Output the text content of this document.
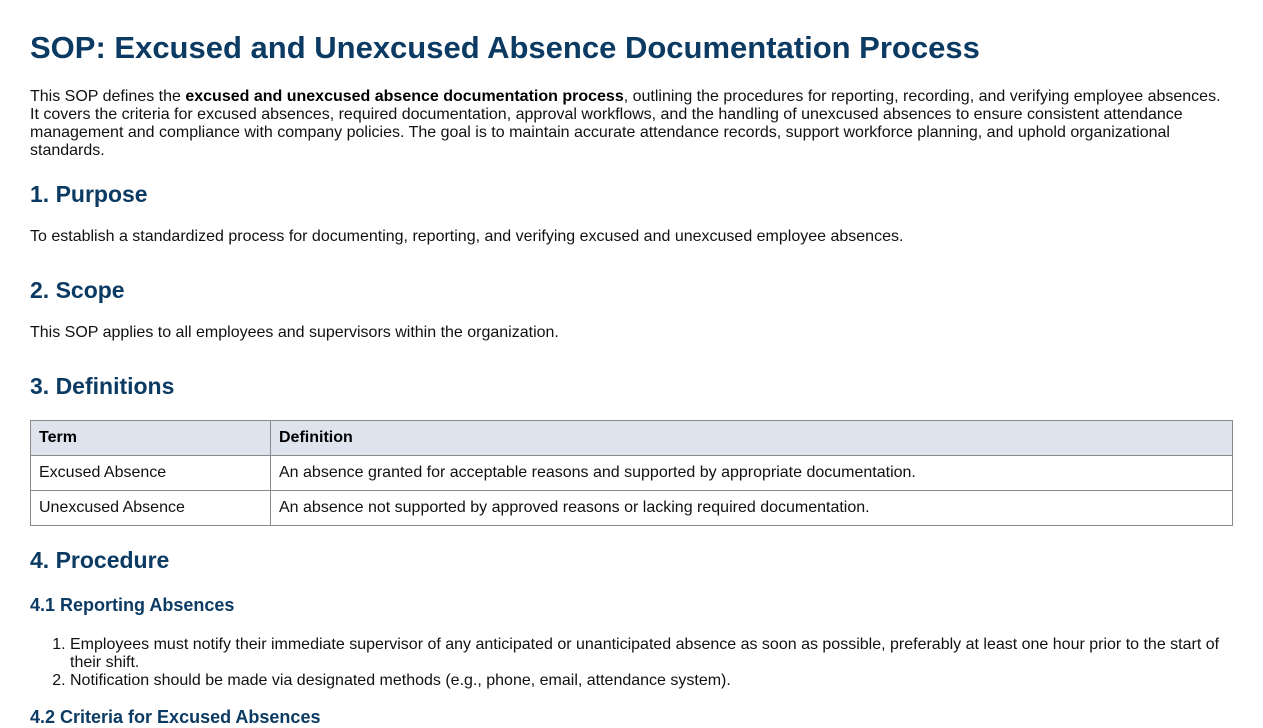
SOP: Excused and Unexcused Absence Documentation Process

This SOP defines the excused and unexcused absence documentation process, outlining the procedures for reporting, recording, and verifying employee absences. It covers the criteria for excused absences, required documentation, approval workflows, and the handling of unexcused absences to ensure consistent attendance management and compliance with company policies. The goal is to maintain accurate attendance records, support workforce planning, and uphold organizational standards.

1. Purpose

To establish a standardized process for documenting, reporting, and verifying excused and unexcused employee absences.

2. Scope

This SOP applies to all employees and supervisors within the organization.

3. Definitions
Term	Definition
Excused Absence	An absence granted for acceptable reasons and supported by appropriate documentation.
Unexcused Absence	An absence not supported by approved reasons or lacking required documentation.
4. Procedure
4.1 Reporting Absences
1. Employees must notify their immediate supervisor of any anticipated or unanticipated absence as soon as possible, preferably at least one hour prior to the start of their shift.
2. Notification should be made via designated methods (e.g., phone, email, attendance system).
4.2 Criteria for Excused Absences
